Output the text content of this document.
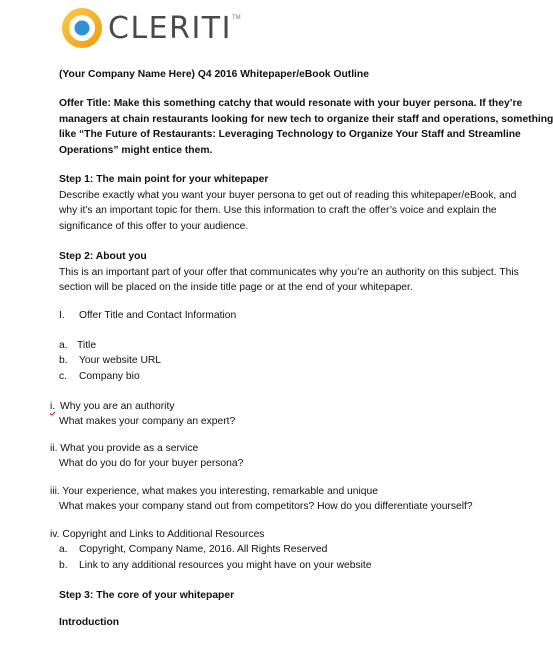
CLERITI TM
(Your Company Name Here) Q4 2016 Whitepaper/eBook Outline
Offer Title: Make this something catchy that would resonate with your buyer persona. If they’re
managers at chain restaurants looking for new tech to organize their staff and operations, something
like “The Future of Restaurants: Leveraging Technology to Organize Your Staff and Streamline
Operations” might entice them.
Step 1: The main point for your whitepaper
Describe exactly what you want your buyer persona to get out of reading this whitepaper/eBook, and
why it’s an important topic for them. Use this information to craft the offer’s voice and explain the
significance of this offer to your audience.
Step 2: About you
This is an important part of your offer that communicates why you’re an authority on this subject. This
section will be placed on the inside title page or at the end of your whitepaper.
I. Offer Title and Contact Information
a. Title
b. Your website URL
c. Company bio
i. Why you are an authority
What makes your company an expert?
ii. What you provide as a service
What do you do for your buyer persona?
iii. Your experience, what makes you interesting, remarkable and unique
What makes your company stand out from competitors? How do you differentiate yourself?
iv. Copyright and Links to Additional Resources
a. Copyright, Company Name, 2016. All Rights Reserved
b. Link to any additional resources you might have on your website
Step 3: The core of your whitepaper
Introduction
